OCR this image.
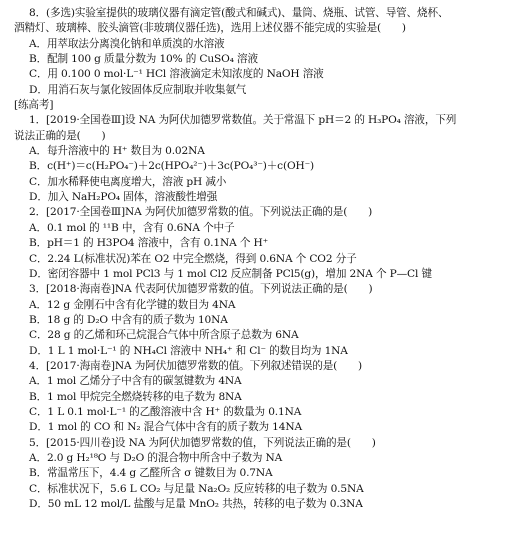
8．(多选)实验室提供的玻璃仪器有滴定管(酸式和碱式)、量筒、烧瓶、试管、导管、烧杯、
酒精灯、玻璃棒、胶头滴管(非玻璃仪器任选)，选用上述仪器不能完成的实验是(　　)
A．用萃取法分离溴化钠和单质溴的水溶液
B．配制 100 g 质量分数为 10% 的 CuSO₄ 溶液
C．用 0.100 0 mol·L⁻¹ HCl 溶液滴定未知浓度的 NaOH 溶液
D．用消石灰与氯化铵固体反应制取并收集氨气
[练高考]
1．[2019·全国卷Ⅲ]设 NA 为阿伏加德罗常数值。关于常温下 pH＝2 的 H₃PO₄ 溶液，下列
说法正确的是(　　)
A．每升溶液中的 H⁺ 数目为 0.02NA
B．c(H⁺)＝c(H₂PO₄⁻)＋2c(HPO₄²⁻)＋3c(PO₄³⁻)＋c(OH⁻)
C．加水稀释使电离度增大，溶液 pH 减小
D．加入 NaH₂PO₄ 固体，溶液酸性增强
2．[2017·全国卷Ⅲ]NA 为阿伏加德罗常数的值。下列说法正确的是(　　)
A．0.1 mol 的 ¹¹B 中，含有 0.6NA 个中子
B．pH＝1 的 H3PO4 溶液中，含有 0.1NA 个 H⁺
C．2.24 L(标准状况)苯在 O2 中完全燃烧，得到 0.6NA 个 CO2 分子
D．密闭容器中 1 mol PCl3 与 1 mol Cl2 反应制备 PCl5(g)，增加 2NA 个 P—Cl 键
3．[2018·海南卷]NA 代表阿伏加德罗常数的值。下列说法正确的是(　　)
A．12 g 金刚石中含有化学键的数目为 4NA
B．18 g 的 D₂O 中含有的质子数为 10NA
C．28 g 的乙烯和环己烷混合气体中所含原子总数为 6NA
D．1 L 1 mol·L⁻¹ 的 NH₄Cl 溶液中 NH₄⁺ 和 Cl⁻ 的数目均为 1NA
4．[2017·海南卷]NA 为阿伏加德罗常数的值。下列叙述错误的是(　　)
A．1 mol 乙烯分子中含有的碳氢键数为 4NA
B．1 mol 甲烷完全燃烧转移的电子数为 8NA
C．1 L 0.1 mol·L⁻¹ 的乙酸溶液中含 H⁺ 的数量为 0.1NA
D．1 mol 的 CO 和 N₂ 混合气体中含有的质子数为 14NA
5．[2015·四川卷]设 NA 为阿伏加德罗常数的值，下列说法正确的是(　　)
A．2.0 g H₂¹⁸O 与 D₂O 的混合物中所含中子数为 NA
B．常温常压下，4.4 g 乙醛所含 σ 键数目为 0.7NA
C．标准状况下，5.6 L CO₂ 与足量 Na₂O₂ 反应转移的电子数为 0.5NA
D．50 mL 12 mol/L 盐酸与足量 MnO₂ 共热，转移的电子数为 0.3NA
